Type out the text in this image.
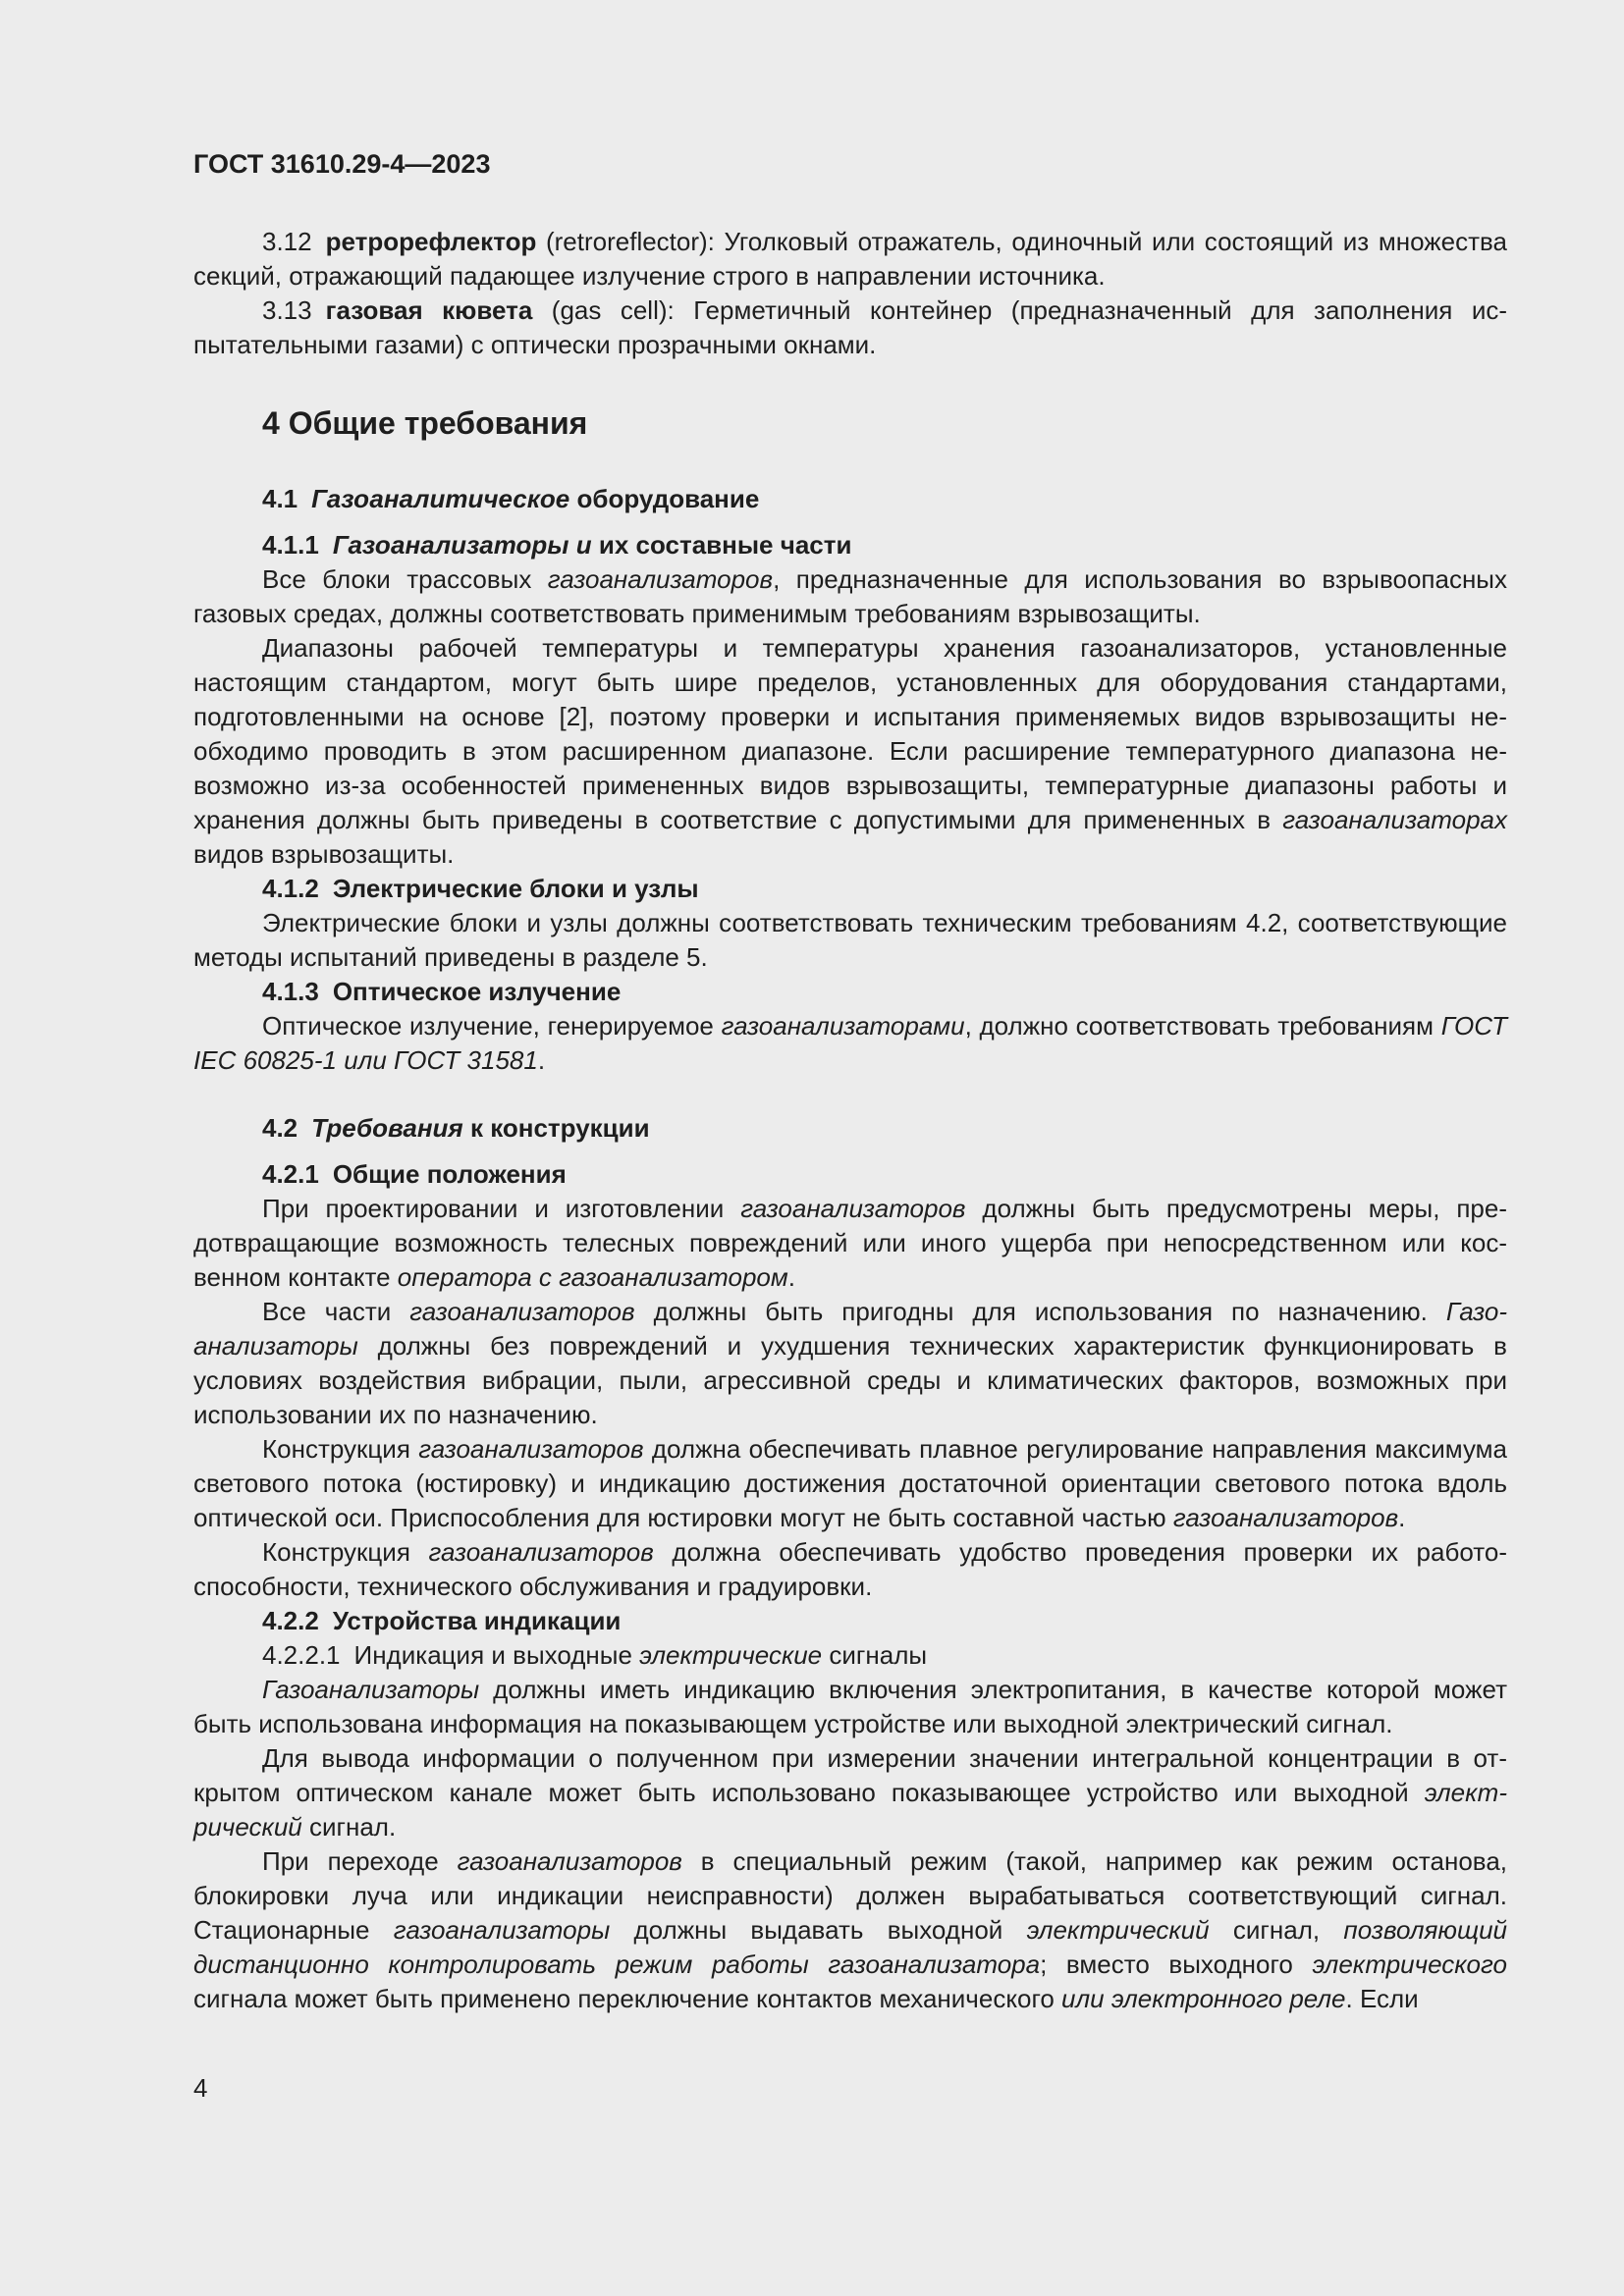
ГОСТ 31610.29-4—2023

3.12 ретрорефлектор (retroreflector): Уголковый отражатель, одиночный или состоящий из множества секций, отражающий падающее излучение строго в направлении источника.

3.13 газовая кювета (gas cell): Герметичный контейнер (предназначенный для заполнения испытательными газами) с оптически прозрачными окнами.

4 Общие требования
4.1 Газоаналитическое оборудование
4.1.1 Газоанализаторы и их составные части

Все блоки трассовых газоанализаторов, предназначенные для использования во взрывоопасных газовых средах, должны соответствовать применимым требованиям взрывозащиты.

Диапазоны рабочей температуры и температуры хранения газоанализаторов, установленные настоящим стандартом, могут быть шире пределов, установленных для оборудования стандартами, подготовленными на основе [2], поэтому проверки и испытания применяемых видов взрывозащиты необходимо проводить в этом расширенном диапазоне. Если расширение температурного диапазона невозможно из-за особенностей примененных видов взрывозащиты, температурные диапазоны работы и хранения должны быть приведены в соответствие с допустимыми для примененных в газоанализаторах видов взрывозащиты.

4.1.2 Электрические блоки и узлы

Электрические блоки и узлы должны соответствовать техническим требованиям 4.2, соответствующие методы испытаний приведены в разделе 5.

4.1.3 Оптическое излучение

Оптическое излучение, генерируемое газоанализаторами, должно соответствовать требованиям ГОСТ IEC 60825-1 или ГОСТ 31581.

4.2 Требования к конструкции
4.2.1 Общие положения

При проектировании и изготовлении газоанализаторов должны быть предусмотрены меры, предотвращающие возможность телесных повреждений или иного ущерба при непосредственном или косвенном контакте оператора с газоанализатором.

Все части газоанализаторов должны быть пригодны для использования по назначению. Газоанализаторы должны без повреждений и ухудшения технических характеристик функционировать в условиях воздействия вибрации, пыли, агрессивной среды и климатических факторов, возможных при использовании их по назначению.

Конструкция газоанализаторов должна обеспечивать плавное регулирование направления максимума светового потока (юстировку) и индикацию достижения достаточной ориентации светового потока вдоль оптической оси. Приспособления для юстировки могут не быть составной частью газоанализаторов.

Конструкция газоанализаторов должна обеспечивать удобство проведения проверки их работоспособности, технического обслуживания и градуировки.

4.2.2 Устройства индикации
4.2.2.1 Индикация и выходные электрические сигналы

Газоанализаторы должны иметь индикацию включения электропитания, в качестве которой может быть использована информация на показывающем устройстве или выходной электрический сигнал.

Для вывода информации о полученном при измерении значении интегральной концентрации в открытом оптическом канале может быть использовано показывающее устройство или выходной электрический сигнал.

При переходе газоанализаторов в специальный режим (такой, например как режим останова, блокировки луча или индикации неисправности) должен вырабатываться соответствующий сигнал. Стационарные газоанализаторы должны выдавать выходной электрический сигнал, позволяющий дистанционно контролировать режим работы газоанализатора; вместо выходного электрического сигнала может быть применено переключение контактов механического или электронного реле. Если

4
